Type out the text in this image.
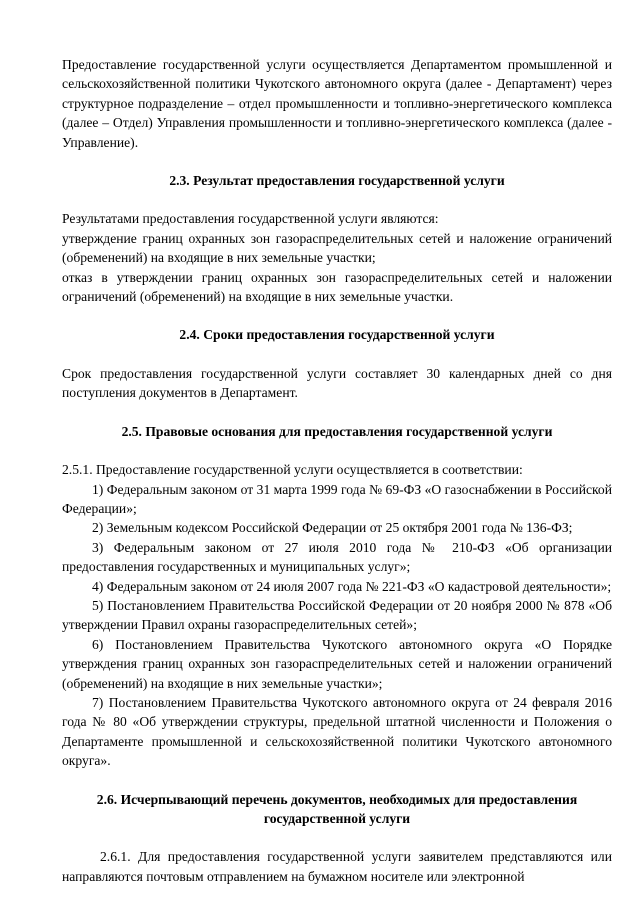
Предоставление государственной услуги осуществляется Департаментом промышленной и сельскохозяйственной политики Чукотского автономного округа (далее - Департамент) через структурное подразделение – отдел промышленности и топливно-энергетического комплекса (далее – Отдел) Управления промышленности и топливно-энергетического комплекса (далее - Управление).

2.3. Результат предоставления государственной услуги

Результатами предоставления государственной услуги являются:

утверждение границ охранных зон газораспределительных сетей и наложение ограничений (обременений) на входящие в них земельные участки;

отказ в утверждении границ охранных зон газораспределительных сетей и наложении ограничений (обременений) на входящие в них земельные участки.

2.4. Сроки предоставления государственной услуги

Срок предоставления государственной услуги составляет 30 календарных дней со дня поступления документов в Департамент.

2.5. Правовые основания для предоставления государственной услуги

2.5.1. Предоставление государственной услуги осуществляется в соответствии:

1) Федеральным законом от 31 марта 1999 года № 69-ФЗ «О газоснабжении в Российской Федерации»;

2) Земельным кодексом Российской Федерации от 25 октября 2001 года № 136-ФЗ;

3) Федеральным законом от 27 июля 2010 года № 210-ФЗ «Об организации предоставления государственных и муниципальных услуг»;

4) Федеральным законом от 24 июля 2007 года № 221-ФЗ «О кадастровой деятельности»;

5) Постановлением Правительства Российской Федерации от 20 ноября 2000 № 878 «Об утверждении Правил охраны газораспределительных сетей»;

6) Постановлением Правительства Чукотского автономного округа «О Порядке утверждения границ охранных зон газораспределительных сетей и наложении ограничений (обременений) на входящие в них земельные участки»;

7) Постановлением Правительства Чукотского автономного округа от 24 февраля 2016 года № 80 «Об утверждении структуры, предельной штатной численности и Положения о Департаменте промышленной и сельскохозяйственной политики Чукотского автономного округа».

2.6. Исчерпывающий перечень документов, необходимых для предоставления
государственной услуги

2.6.1. Для предоставления государственной услуги заявителем представляются или направляются почтовым отправлением на бумажном носителе или электронной
